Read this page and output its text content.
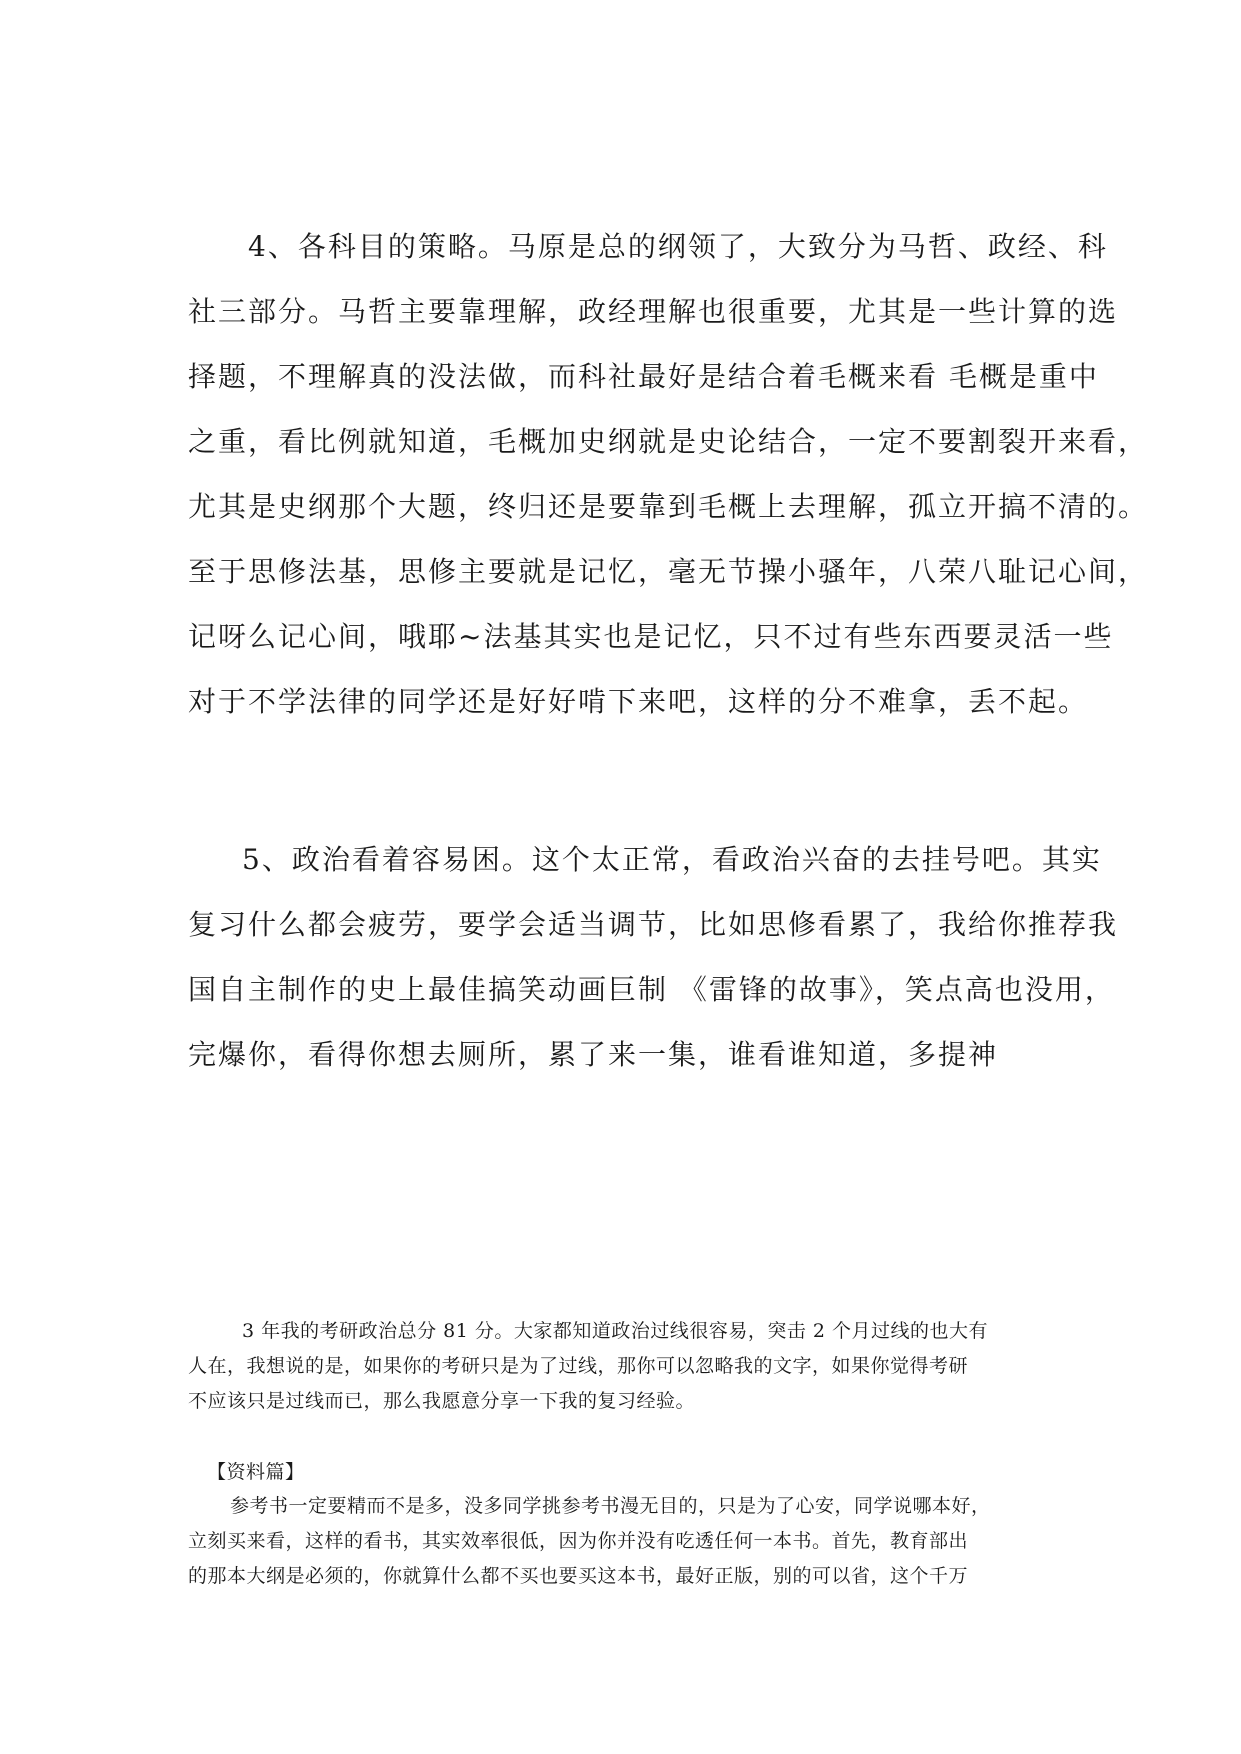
4、各科目的策略。马原是总的纲领了，大致分为马哲、政经、科
社三部分。马哲主要靠理解，政经理解也很重要，尤其是一些计算的选
择题，不理解真的没法做，而科社最好是结合着毛概来看 毛概是重中
之重，看比例就知道，毛概加史纲就是史论结合，一定不要割裂开来看，
尤其是史纲那个大题，终归还是要靠到毛概上去理解，孤立开搞不清的。
至于思修法基，思修主要就是记忆，毫无节操小骚年，八荣八耻记心间，
记呀么记心间，哦耶~法基其实也是记忆，只不过有些东西要灵活一些
对于不学法律的同学还是好好啃下来吧，这样的分不难拿，丢不起。
5、政治看着容易困。这个太正常，看政治兴奋的去挂号吧。其实
复习什么都会疲劳，要学会适当调节，比如思修看累了，我给你推荐我
国自主制作的史上最佳搞笑动画巨制 《雷锋的故事》，笑点高也没用，
完爆你，看得你想去厕所，累了来一集，谁看谁知道，多提神
3 年我的考研政治总分 81 分。大家都知道政治过线很容易，突击 2 个月过线的也大有
人在，我想说的是，如果你的考研只是为了过线，那你可以忽略我的文字，如果你觉得考研
不应该只是过线而已，那么我愿意分享一下我的复习经验。
【资料篇】
参考书一定要精而不是多，没多同学挑参考书漫无目的，只是为了心安，同学说哪本好，
立刻买来看，这样的看书，其实效率很低，因为你并没有吃透任何一本书。首先，教育部出
的那本大纲是必须的，你就算什么都不买也要买这本书，最好正版，别的可以省，这个千万
